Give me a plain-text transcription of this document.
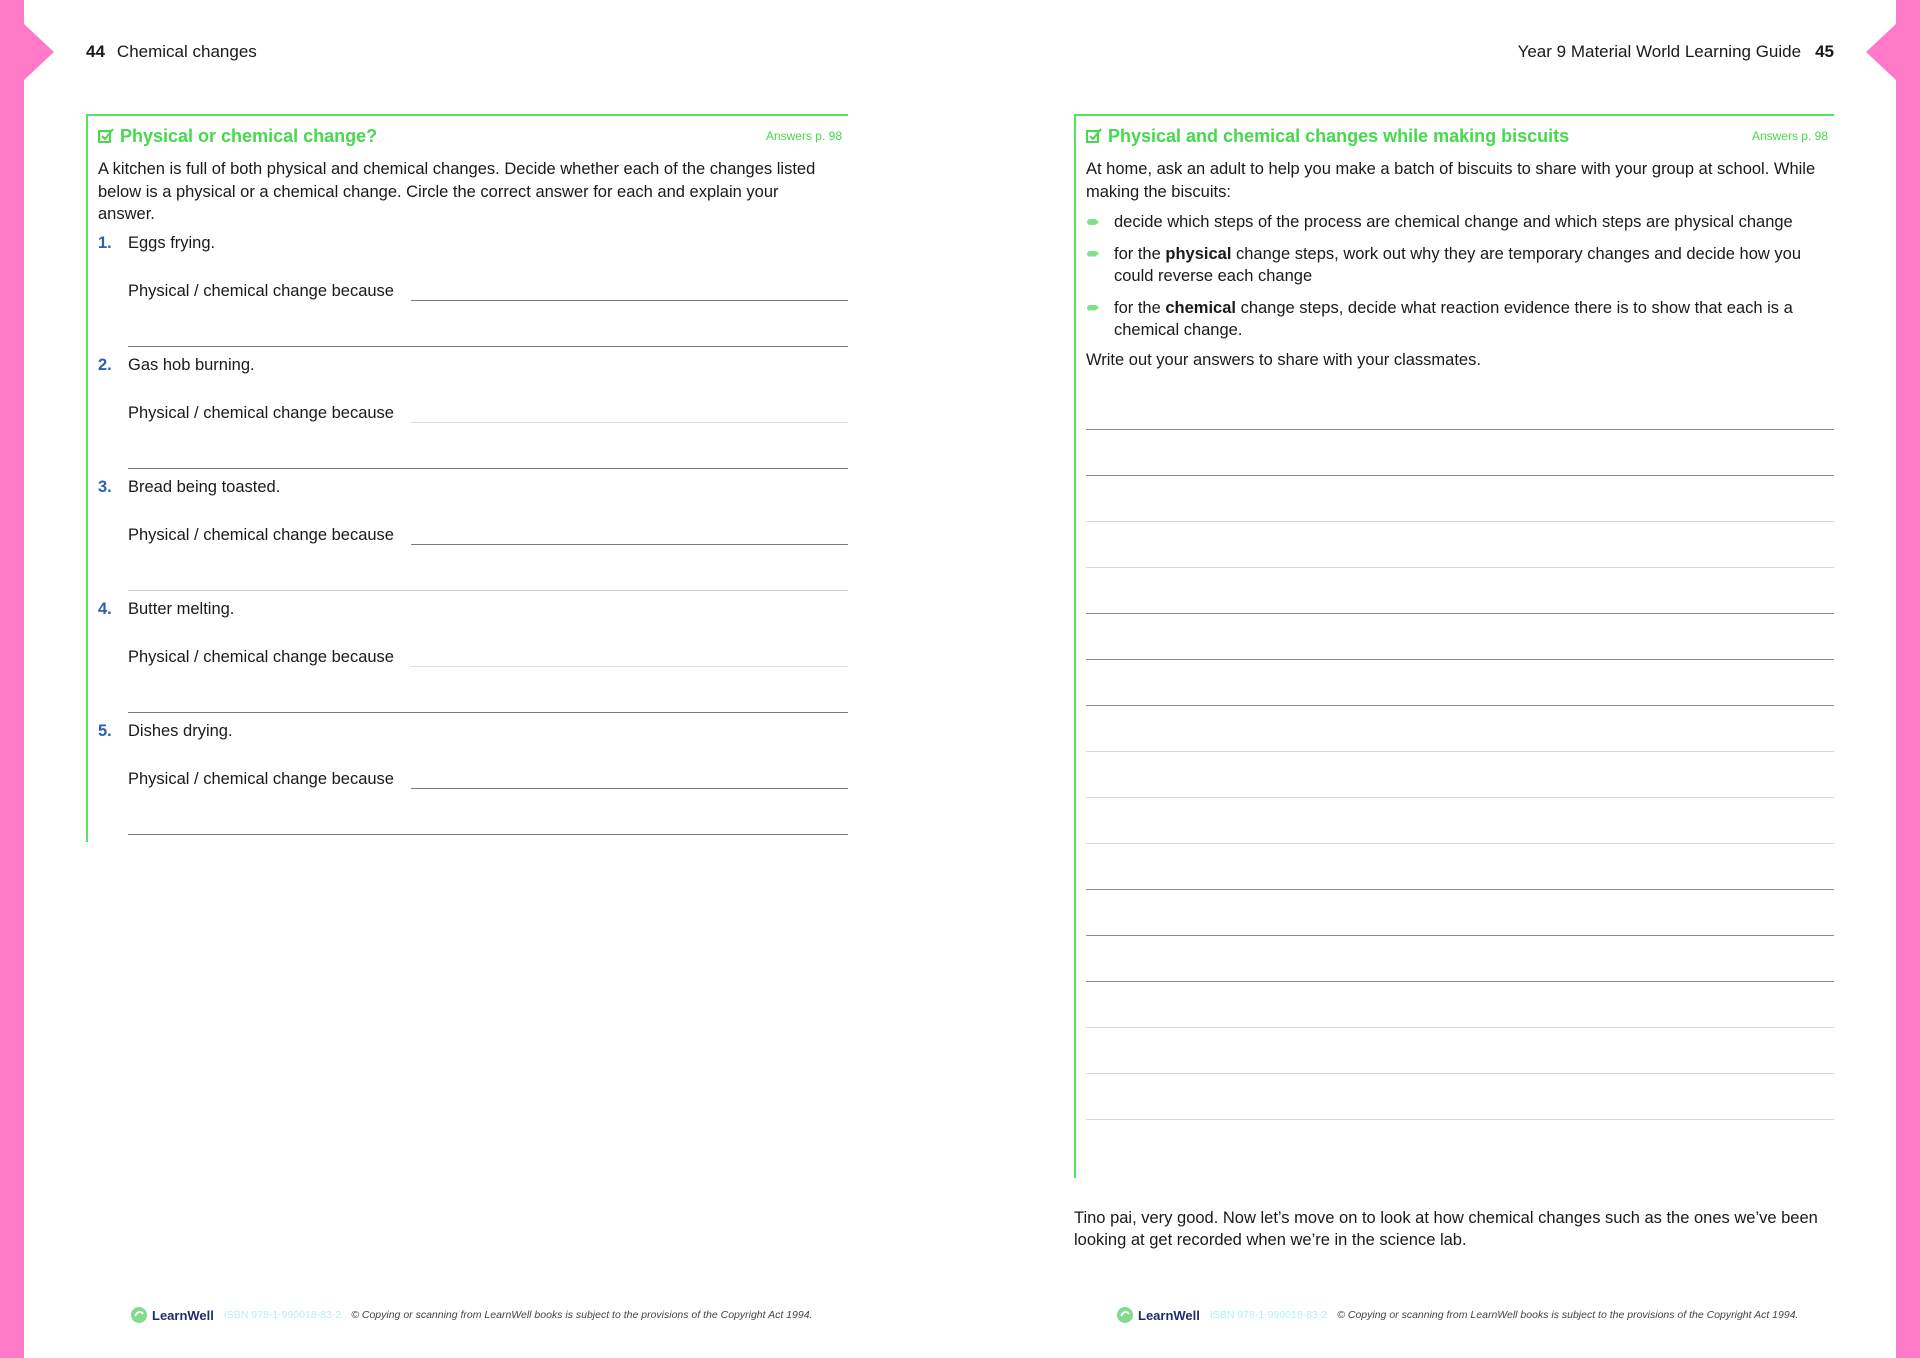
44 Chemical changes
Physical or chemical change?	Answers p. 98

A kitchen is full of both physical and chemical changes. Decide whether each of the changes listed below is a physical or a chemical change. Circle the correct answer for each and explain your answer.

1. Eggs frying.
Physical / chemical change because
2. Gas hob burning.
Physical / chemical change because
3. Bread being toasted.
Physical / chemical change because
4. Butter melting.
Physical / chemical change because
5. Dishes drying.
Physical / chemical change because
LearnWell ISBN 978-1-990018-83-2 © Copying or scanning from LearnWell books is subject to the provisions of the Copyright Act 1994.
Year 9 Material World Learning Guide 45
Physical and chemical changes while making biscuits	Answers p. 98

At home, ask an adult to help you make a batch of biscuits to share with your group at school. While making the biscuits:

decide which steps of the process are chemical change and which steps are physical change
for the physical change steps, work out why they are temporary changes and decide how you could reverse each change
for the chemical change steps, decide what reaction evidence there is to show that each is a chemical change.

Write out your answers to share with your classmates.

Tino pai, very good. Now let’s move on to look at how chemical changes such as the ones we’ve been looking at get recorded when we’re in the science lab.

LearnWell ISBN 978-1-990018-83-2 © Copying or scanning from LearnWell books is subject to the provisions of the Copyright Act 1994.
